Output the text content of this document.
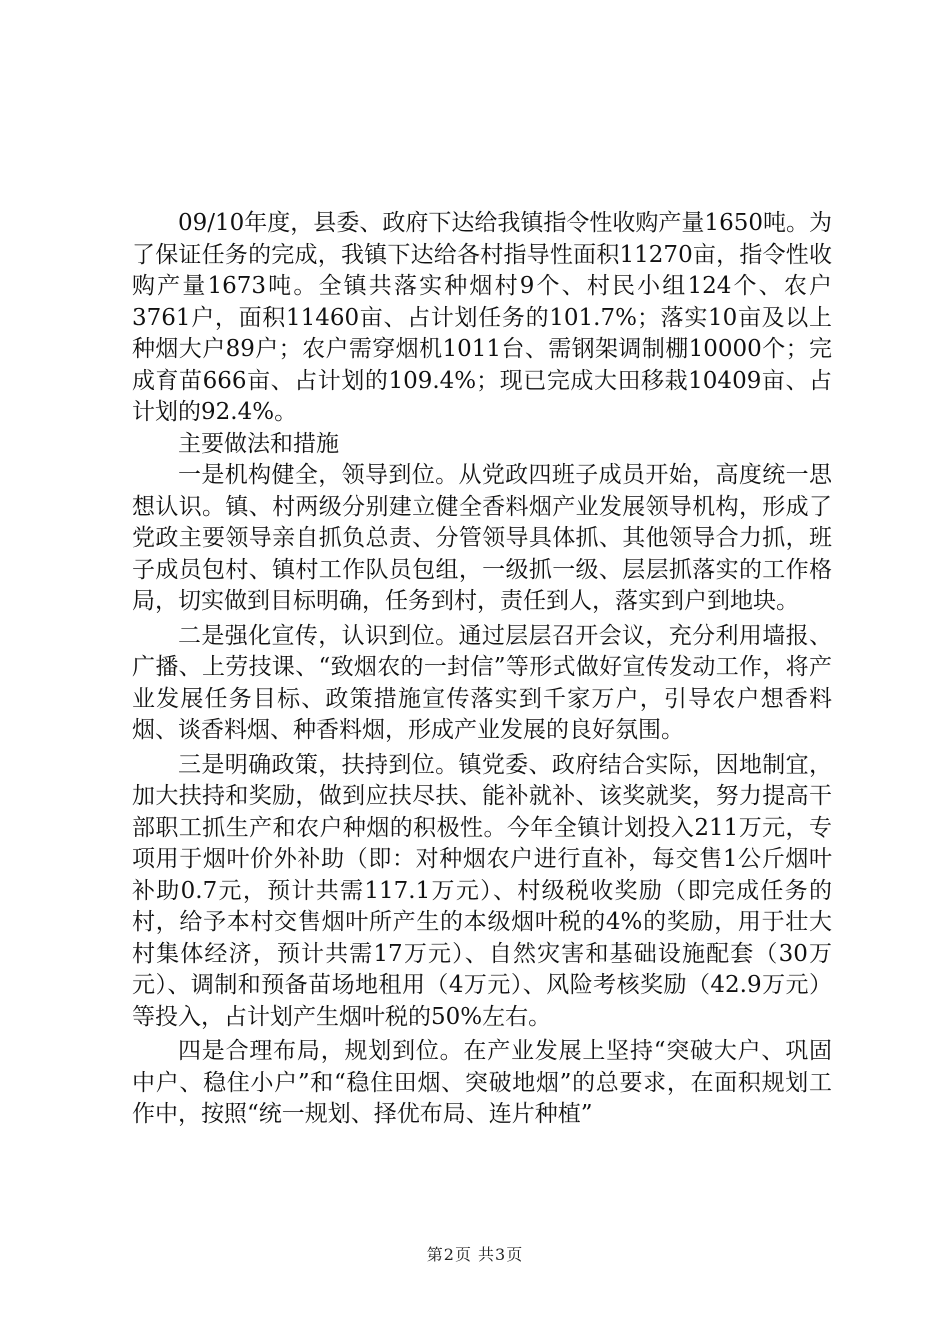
09/10年度，县委、政府下达给我镇指令性收购产量1650吨。为了保证任务的完成，我镇下达给各村指导性面积11270亩，指令性收购产量1673吨。全镇共落实种烟村9个、村民小组124个、农户3761户，面积11460亩、占计划任务的101.7%；落实10亩及以上种烟大户89户；农户需穿烟机1011台、需钢架调制棚10000个；完成育苗666亩、占计划的109.4%；现已完成大田移栽10409亩、占计划的92.4%。

主要做法和措施

一是机构健全，领导到位。从党政四班子成员开始，高度统一思想认识。镇、村两级分别建立健全香料烟产业发展领导机构，形成了党政主要领导亲自抓负总责、分管领导具体抓、其他领导合力抓，班子成员包村、镇村工作队员包组，一级抓一级、层层抓落实的工作格局，切实做到目标明确，任务到村，责任到人，落实到户到地块。

二是强化宣传，认识到位。通过层层召开会议，充分利用墙报、广播、上劳技课、“致烟农的一封信”等形式做好宣传发动工作，将产业发展任务目标、政策措施宣传落实到千家万户，引导农户想香料烟、谈香料烟、种香料烟，形成产业发展的良好氛围。

三是明确政策，扶持到位。镇党委、政府结合实际，因地制宜，加大扶持和奖励，做到应扶尽扶、能补就补、该奖就奖，努力提高干部职工抓生产和农户种烟的积极性。今年全镇计划投入211万元，专项用于烟叶价外补助（即：对种烟农户进行直补，每交售1公斤烟叶补助0.7元，预计共需117.1万元）、村级税收奖励（即完成任务的村，给予本村交售烟叶所产生的本级烟叶税的4%的奖励，用于壮大村集体经济，预计共需17万元）、自然灾害和基础设施配套（30万元）、调制和预备苗场地租用（4万元）、风险考核奖励（42.9万元）等投入，占计划产生烟叶税的50%左右。

四是合理布局，规划到位。在产业发展上坚持“突破大户、巩固中户、稳住小户”和“稳住田烟、突破地烟”的总要求，在面积规划工作中，按照“统一规划、择优布局、连片种植”

第2页 共3页
